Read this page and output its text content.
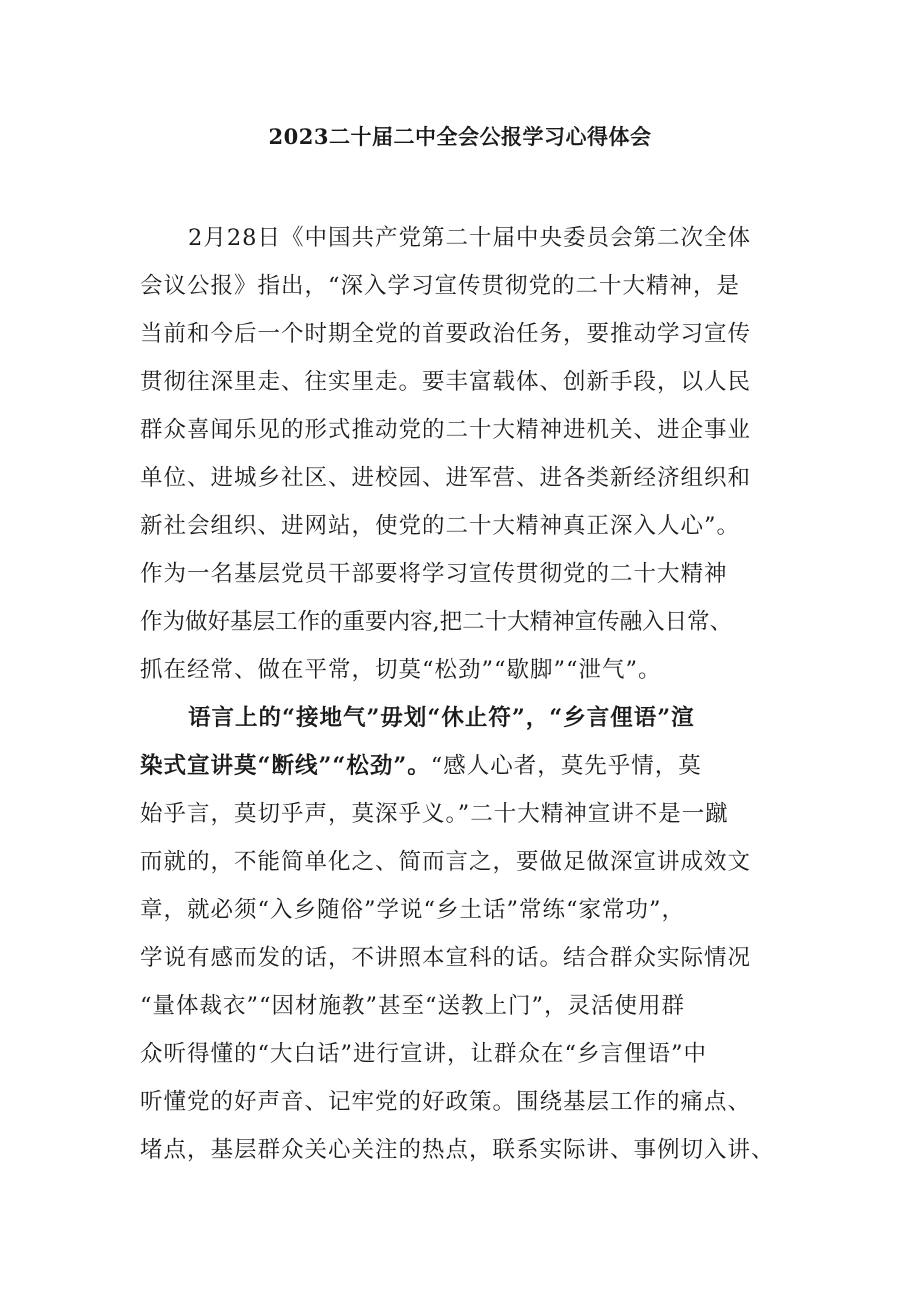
2023二十届二中全会公报学习心得体会
2月28日《中国共产党第二十届中央委员会第二次全体
会议公报》指出，“深入学习宣传贯彻党的二十大精神，是
当前和今后一个时期全党的首要政治任务，要推动学习宣传
贯彻往深里走、往实里走。要丰富载体、创新手段，以人民
群众喜闻乐见的形式推动党的二十大精神进机关、进企事业
单位、进城乡社区、进校园、进军营、进各类新经济组织和
新社会组织、进网站，使党的二十大精神真正深入人心”。
作为一名基层党员干部要将学习宣传贯彻党的二十大精神
作为做好基层工作的重要内容,把二十大精神宣传融入日常、
抓在经常、做在平常，切莫“松劲”“歇脚”“泄气”。
语言上的“接地气”毋划“休止符”，“乡言俚语”渲
染式宣讲莫“断线”“松劲”。“感人心者，莫先乎情，莫
始乎言，莫切乎声，莫深乎义。”二十大精神宣讲不是一蹴
而就的，不能简单化之、简而言之，要做足做深宣讲成效文
章，就必须“入乡随俗”学说“乡土话”常练“家常功”，
学说有感而发的话，不讲照本宣科的话。结合群众实际情况
“量体裁衣”“因材施教”甚至“送教上门”，灵活使用群
众听得懂的“大白话”进行宣讲，让群众在“乡言俚语”中
听懂党的好声音、记牢党的好政策。围绕基层工作的痛点、
堵点，基层群众关心关注的热点，联系实际讲、事例切入讲、
